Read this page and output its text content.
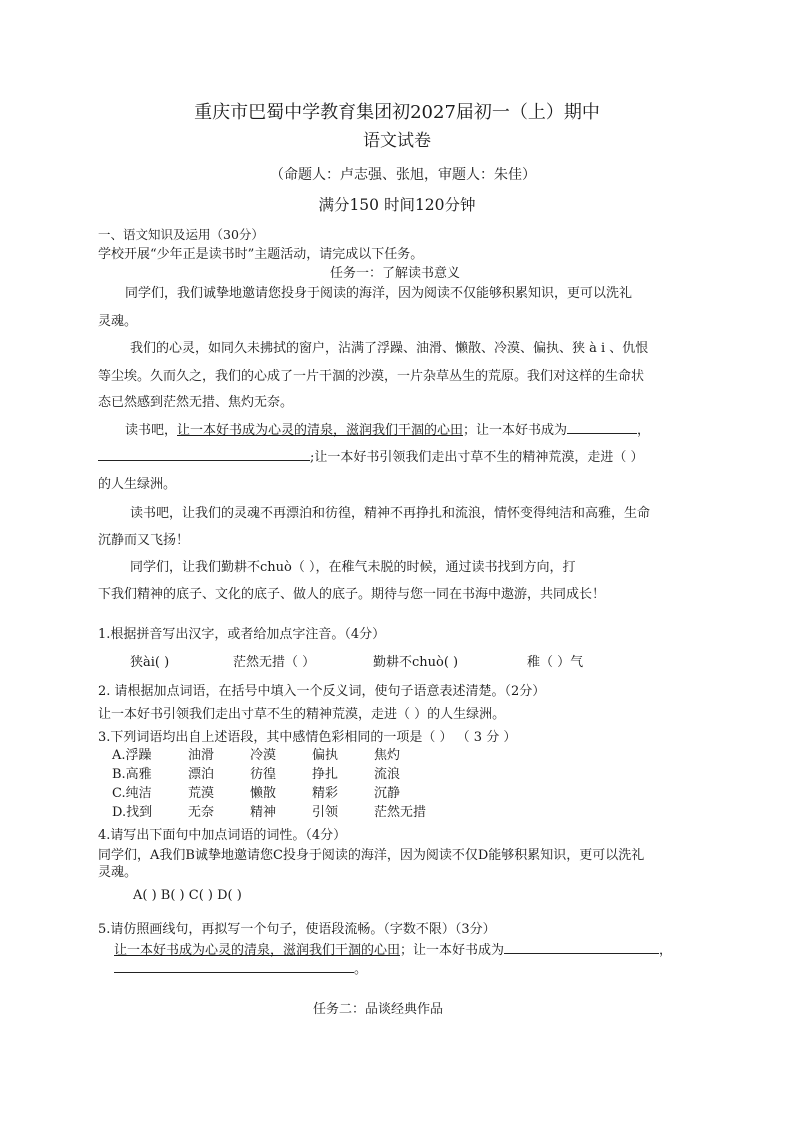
重庆市巴蜀中学教育集团初2027届初一（上）期中
语文试卷
（命题人：卢志强、张旭，审题人：朱佳）
满分150 时间120分钟
一、语文知识及运用（30分）
学校开展“少年正是读书时”主题活动，请完成以下任务。
任务一：了解读书意义
同学们，我们诚挚地邀请您投身于阅读的海洋，因为阅读不仅能够积累知识，更可以洗礼
灵魂。
我们的心灵，如同久未拂拭的窗户，沾满了浮躁、油滑、懒散、冷漠、偏执、狭 à i 、仇恨
等尘埃。久而久之，我们的心成了一片干涸的沙漠，一片杂草丛生的荒原。我们对这样的生命状
态已然感到茫然无措、焦灼无奈。
读书吧，让一本好书成为心灵的清泉，滋润我们干涸的心田；让一本好书成为	，
;让一本好书引领我们走出寸草不生的精神荒漠，走进（ ）
的人生绿洲。
读书吧，让我们的灵魂不再漂泊和彷徨，精神不再挣扎和流浪，情怀变得纯洁和高雅，生命
沉静而又飞扬！
同学们，让我们勤耕不chuò（ ），在稚气未脱的时候，通过读书找到方向，打
下我们精神的底子、文化的底子、做人的底子。期待与您一同在书海中遨游，共同成长！
1.根据拼音写出汉字，或者给加点字注音。（4分）
狭ài( )	茫然无措（ ）	勤耕不chuò( )	稚（ ）气
2. 请根据加点词语，在括号中填入一个反义词，使句子语意表述清楚。（2分）
让一本好书引领我们走出寸草不生的精神荒漠，走进（ ）的人生绿洲。
3.下列词语均出自上述语段，其中感情色彩相同的一项是（ ） （ 3 分 ）
A.浮躁	油滑	冷漠	偏执	焦灼
B.高雅	漂泊	彷徨	挣扎	流浪
C.纯洁	荒漠	懒散	精彩	沉静
D.找到	无奈	精神	引领	茫然无措
4.请写出下面句中加点词语的词性。（4分）
同学们，A我们B诚挚地邀请您C投身于阅读的海洋，因为阅读不仅D能够积累知识，更可以洗礼
灵魂。
A( ) B( ) C( ) D( )
5.请仿照画线句，再拟写一个句子，使语段流畅。（字数不限）（3分）
让一本好书成为心灵的清泉，滋润我们干涸的心田；让一本好书成为	，
。
任务二：品谈经典作品
